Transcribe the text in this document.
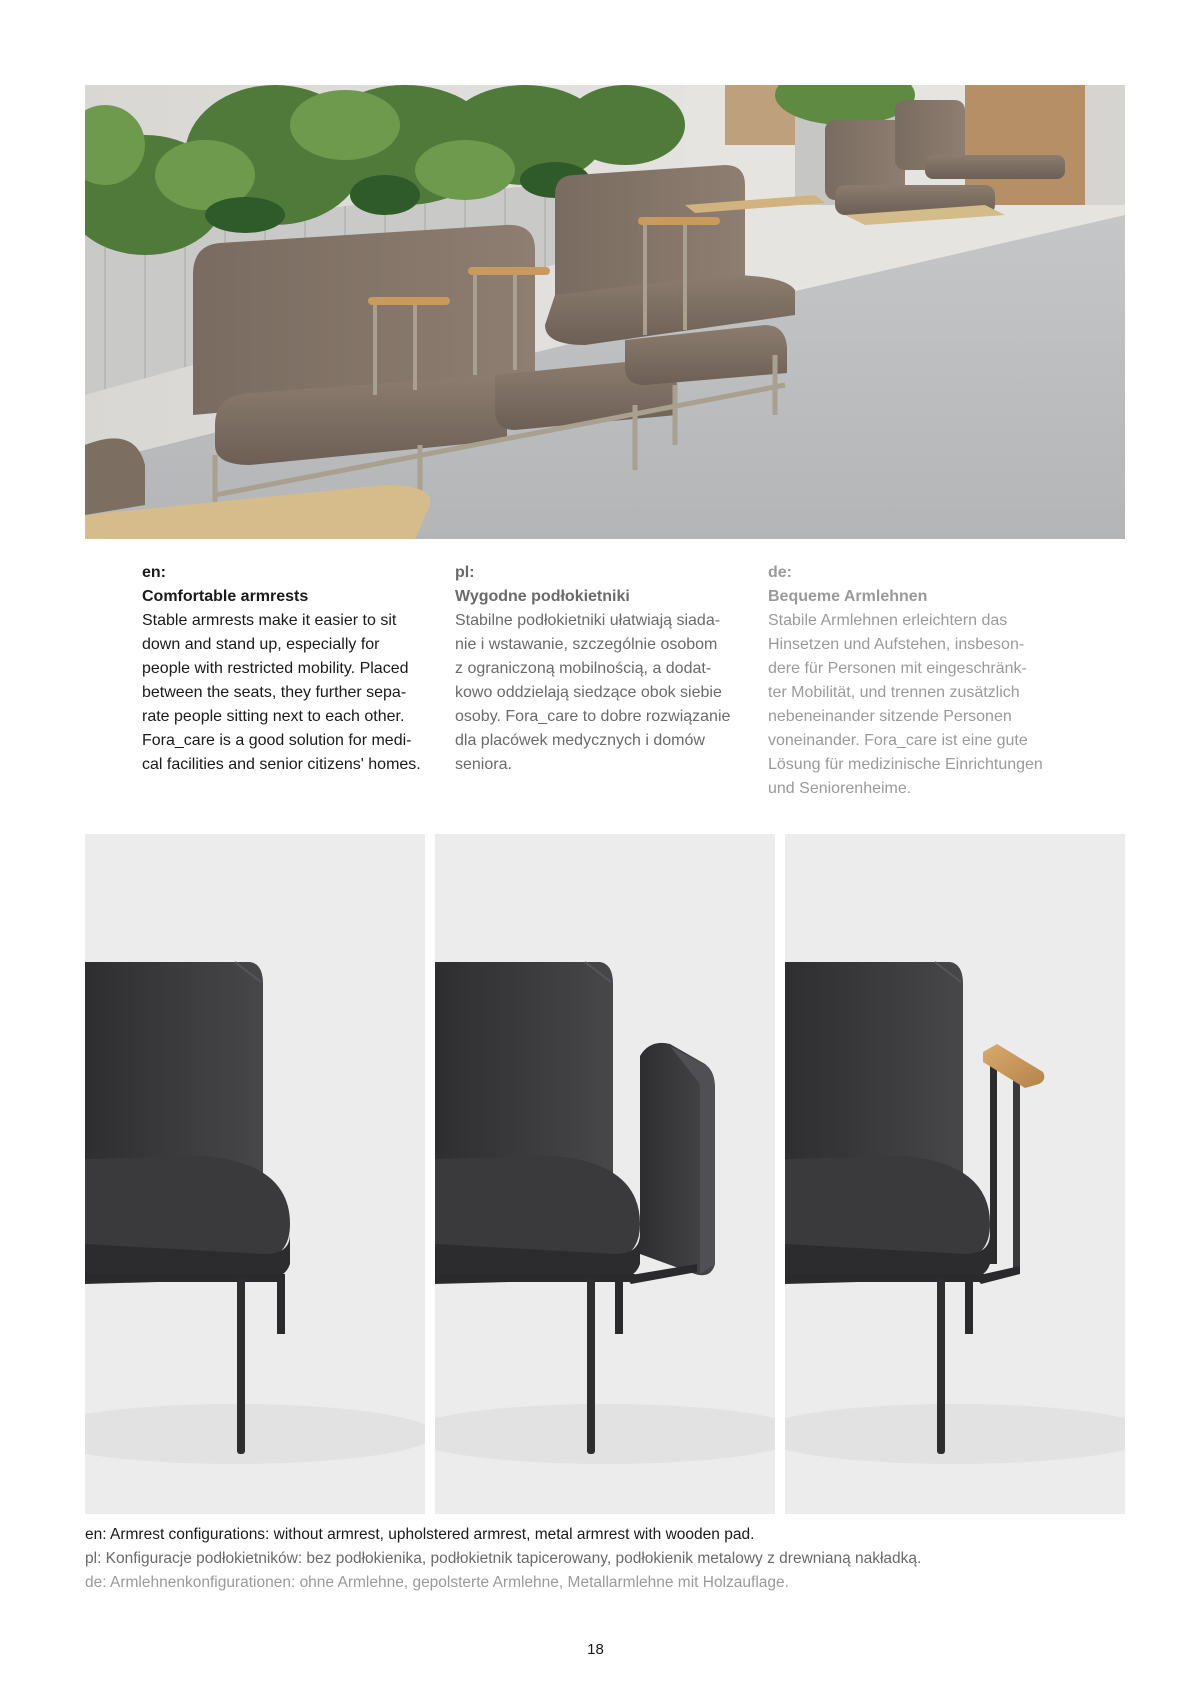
en:
Comfortable armrests
Stable armrests make it easier to sit
down and stand up, especially for
people with restricted mobility. Placed
between the seats, they further sepa-
rate people sitting next to each other.
Fora_care is a good solution for medi-
cal facilities and senior citizens' homes.
pl:
Wygodne podłokietniki
Stabilne podłokietniki ułatwiają siada-
nie i wstawanie, szczególnie osobom
z ograniczoną mobilnością, a dodat-
kowo oddzielają siedzące obok siebie
osoby. Fora_care to dobre rozwiązanie
dla placówek medycznych i domów
seniora.
de:
Bequeme Armlehnen
Stabile Armlehnen erleichtern das
Hinsetzen und Aufstehen, insbeson-
dere für Personen mit eingeschränk-
ter Mobilität, und trennen zusätzlich
nebeneinander sitzende Personen
voneinander. Fora_care ist eine gute
Lösung für medizinische Einrichtungen
und Seniorenheime.
en: Armrest configurations: without armrest, upholstered armrest, metal armrest with wooden pad.
pl: Konfiguracje podłokietników: bez podłokienika, podłokietnik tapicerowany, podłokienik metalowy z drewnianą nakładką.
de: Armlehnenkonfigurationen: ohne Armlehne, gepolsterte Armlehne, Metallarmlehne mit Holzauflage.
18
